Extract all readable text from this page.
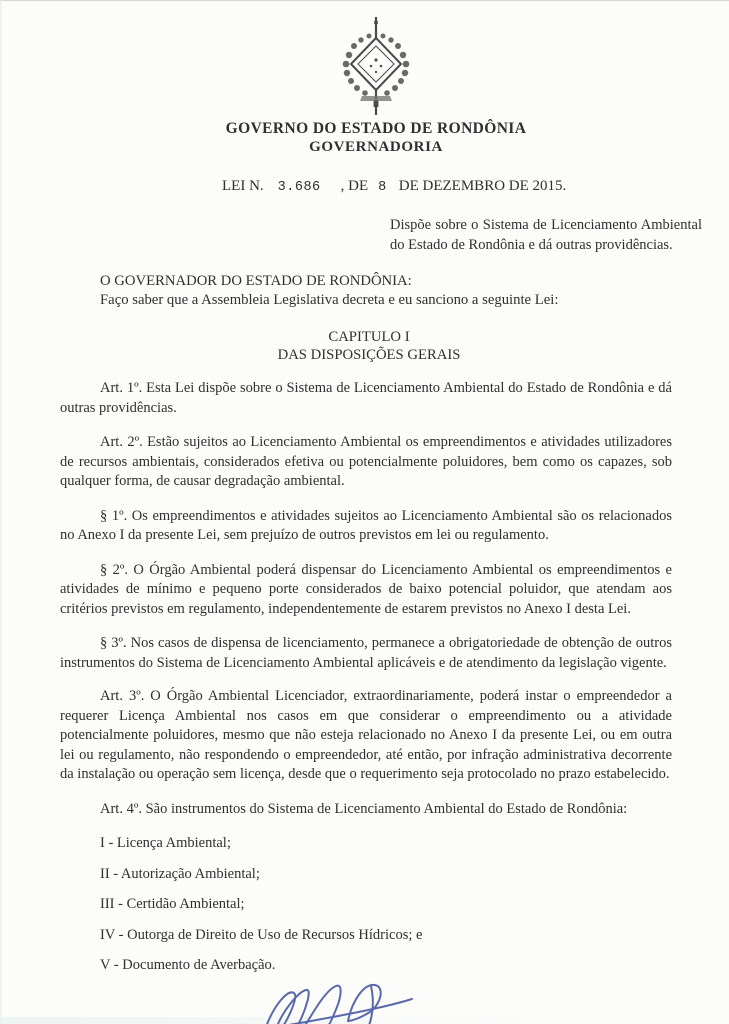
GOVERNO DO ESTADO DE RONDÔNIA
GOVERNADORIA
LEI N. 3.686 , DE 8 DE DEZEMBRO DE 2015.
Dispõe sobre o Sistema de Licenciamento Ambiental do Estado de Rondônia e dá outras providências.
O GOVERNADOR DO ESTADO DE RONDÔNIA:
Faço saber que a Assembleia Legislativa decreta e eu sanciono a seguinte Lei:
CAPITULO I
DAS DISPOSIÇÕES GERAIS

Art. 1º. Esta Lei dispõe sobre o Sistema de Licenciamento Ambiental do Estado de Rondônia e dá outras providências.

Art. 2º. Estão sujeitos ao Licenciamento Ambiental os empreendimentos e atividades utilizadores de recursos ambientais, considerados efetiva ou potencialmente poluidores, bem como os capazes, sob qualquer forma, de causar degradação ambiental.

§ 1º. Os empreendimentos e atividades sujeitos ao Licenciamento Ambiental são os relacionados no Anexo I da presente Lei, sem prejuízo de outros previstos em lei ou regulamento.

§ 2º. O Órgão Ambiental poderá dispensar do Licenciamento Ambiental os empreendimentos e atividades de mínimo e pequeno porte considerados de baixo potencial poluidor, que atendam aos critérios previstos em regulamento, independentemente de estarem previstos no Anexo I desta Lei.

§ 3º. Nos casos de dispensa de licenciamento, permanece a obrigatoriedade de obtenção de outros instrumentos do Sistema de Licenciamento Ambiental aplicáveis e de atendimento da legislação vigente.

Art. 3º. O Órgão Ambiental Licenciador, extraordinariamente, poderá instar o empreendedor a requerer Licença Ambiental nos casos em que considerar o empreendimento ou a atividade potencialmente poluidores, mesmo que não esteja relacionado no Anexo I da presente Lei, ou em outra lei ou regulamento, não respondendo o empreendedor, até então, por infração administrativa decorrente da instalação ou operação sem licença, desde que o requerimento seja protocolado no prazo estabelecido.

Art. 4º. São instrumentos do Sistema de Licenciamento Ambiental do Estado de Rondônia:

I - Licença Ambiental;
II - Autorização Ambiental;
III - Certidão Ambiental;
IV - Outorga de Direito de Uso de Recursos Hídricos; e
V - Documento de Averbação.
